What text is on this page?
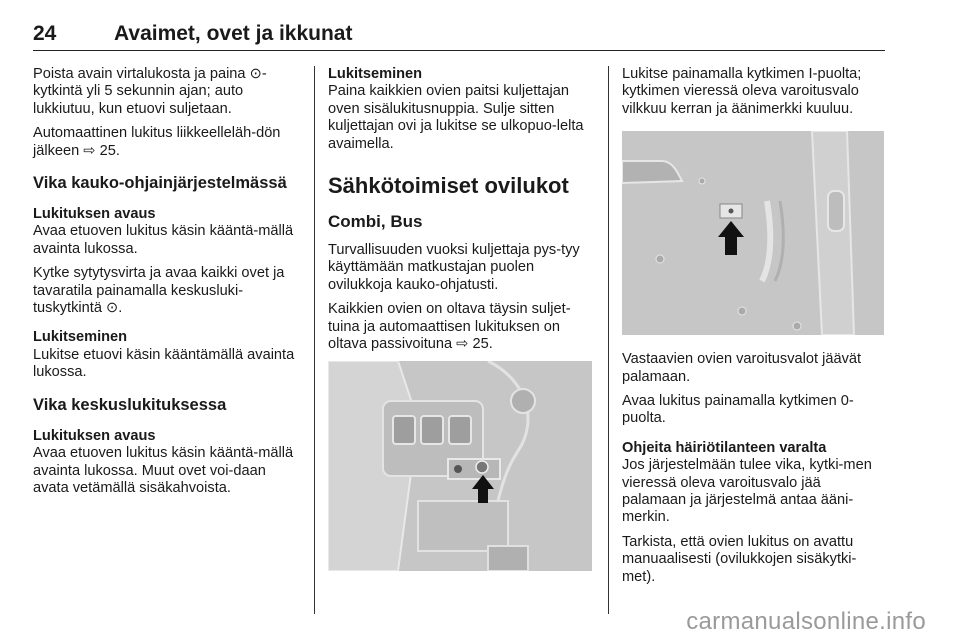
24	Avaimet, ovet ja ikkunat

Poista avain virtalukosta ja paina ⊙-kytkintä yli 5 sekunnin ajan; auto lukkiutuu, kun etuovi suljetaan.

Automaattinen lukitus liikkeelleläh-dön jälkeen ⇨ 25.

Vika kauko-ohjainjärjestelmässä
Lukituksen avaus

Avaa etuoven lukitus käsin kääntä-mällä avainta lukossa.

Kytke sytytysvirta ja avaa kaikki ovet ja tavaratila painamalla keskusluki-tuskytkintä ⊙.

Lukitseminen

Lukitse etuovi käsin kääntämällä avainta lukossa.

Vika keskuslukituksessa
Lukituksen avaus

Avaa etuoven lukitus käsin kääntä-mällä avainta lukossa. Muut ovet voi-daan avata vetämällä sisäkahvoista.

Lukitseminen

Paina kaikkien ovien paitsi kuljettajan oven sisälukitusnuppia. Sulje sitten kuljettajan ovi ja lukitse se ulkopuo-lelta avaimella.

Sähkötoimiset ovilukot
Combi, Bus

Turvallisuuden vuoksi kuljettaja pys-tyy käyttämään matkustajan puolen ovilukkoja kauko-ohjatusti.

Kaikkien ovien on oltava täysin suljet-tuina ja automaattisen lukituksen on oltava passivoituna ⇨ 25.

Lukitse painamalla kytkimen I-puolta; kytkimen vieressä oleva varoitusvalo vilkkuu kerran ja äänimerkki kuuluu.

Vastaavien ovien varoitusvalot jäävät palamaan.

Avaa lukitus painamalla kytkimen 0-puolta.

Ohjeita häiriötilanteen varalta

Jos järjestelmään tulee vika, kytki-men vieressä oleva varoitusvalo jää palamaan ja järjestelmä antaa ääni-merkin.

Tarkista, että ovien lukitus on avattu manuaalisesti (ovilukkojen sisäkytki-met).

carmanualsonline.info
